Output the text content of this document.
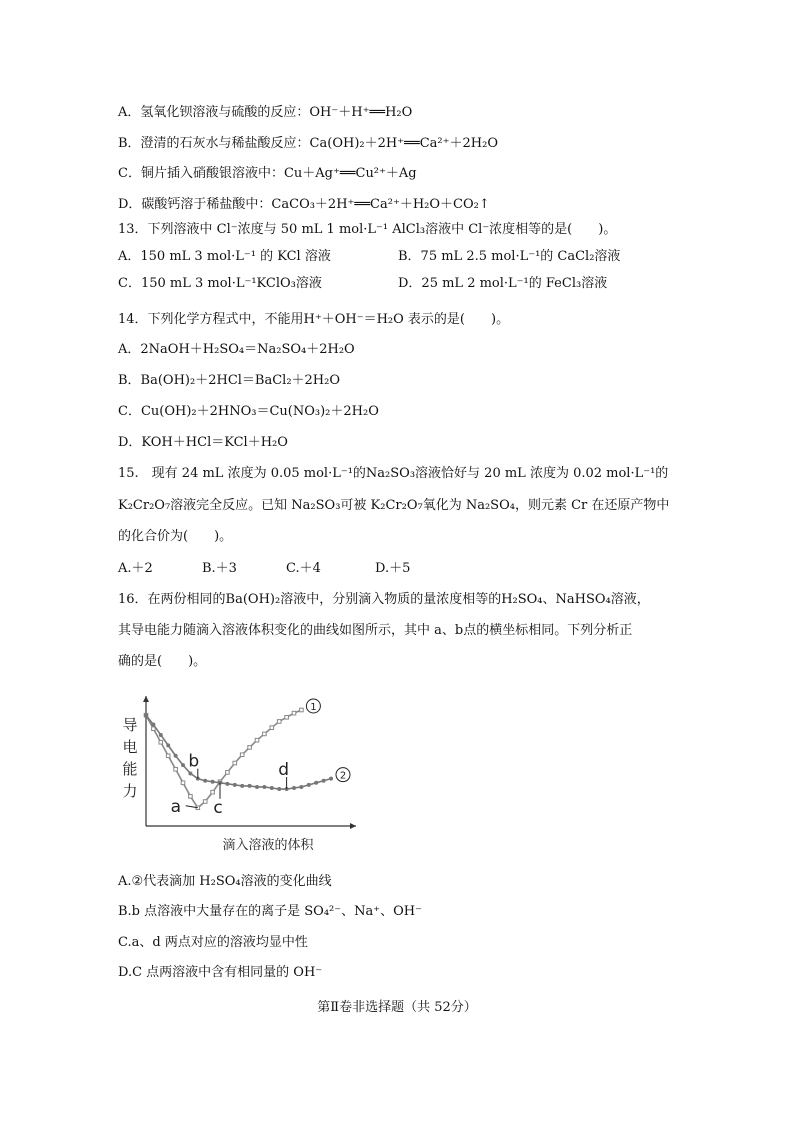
A．氢氧化钡溶液与硫酸的反应：OH⁻＋H⁺══H₂O
B．澄清的石灰水与稀盐酸反应：Ca(OH)₂＋2H⁺══Ca²⁺＋2H₂O
C．铜片插入硝酸银溶液中：Cu＋Ag⁺══Cu²⁺＋Ag
D．碳酸钙溶于稀盐酸中：CaCO₃＋2H⁺══Ca²⁺＋H₂O＋CO₂↑
13．下列溶液中 Cl⁻浓度与 50 mL 1 mol·L⁻¹ AlCl₃溶液中 Cl⁻浓度相等的是(　　)。
A．150 mL 3 mol·L⁻¹ 的 KCl 溶液	B．75 mL 2.5 mol·L⁻¹的 CaCl₂溶液
C．150 mL 3 mol·L⁻¹KClO₃溶液	D．25 mL 2 mol·L⁻¹的 FeCl₃溶液
14．下列化学方程式中，不能用H⁺＋OH⁻＝H₂O 表示的是(　　)。
A．2NaOH＋H₂SO₄＝Na₂SO₄＋2H₂O
B．Ba(OH)₂＋2HCl＝BaCl₂＋2H₂O
C．Cu(OH)₂＋2HNO₃＝Cu(NO₃)₂＋2H₂O
D．KOH＋HCl＝KCl＋H₂O
15.　现有 24 mL 浓度为 0.05 mol·L⁻¹的Na₂SO₃溶液恰好与 20 mL 浓度为 0.02 mol·L⁻¹的
K₂Cr₂O₇溶液完全反应。已知 Na₂SO₃可被 K₂Cr₂O₇氧化为 Na₂SO₄，则元素 Cr 在还原产物中
的化合价为(　　)。
A.＋2	B.＋3	C.＋4	D.＋5
16．在两份相同的Ba(OH)₂溶液中，分别滴入物质的量浓度相等的H₂SO₄、NaHSO₄溶液，
其导电能力随滴入溶液体积变化的曲线如图所示，其中 a、b点的横坐标相同。下列分析正
确的是(　　)。
导
电
能
力
滴入溶液的体积
1
2
a
b
c
d
A.②代表滴加 H₂SO₄溶液的变化曲线
B.b 点溶液中大量存在的离子是 SO₄²⁻、Na⁺、OH⁻
C.a、d 两点对应的溶液均显中性
D.C 点两溶液中含有相同量的 OH⁻
第Ⅱ卷非选择题（共 52分）
